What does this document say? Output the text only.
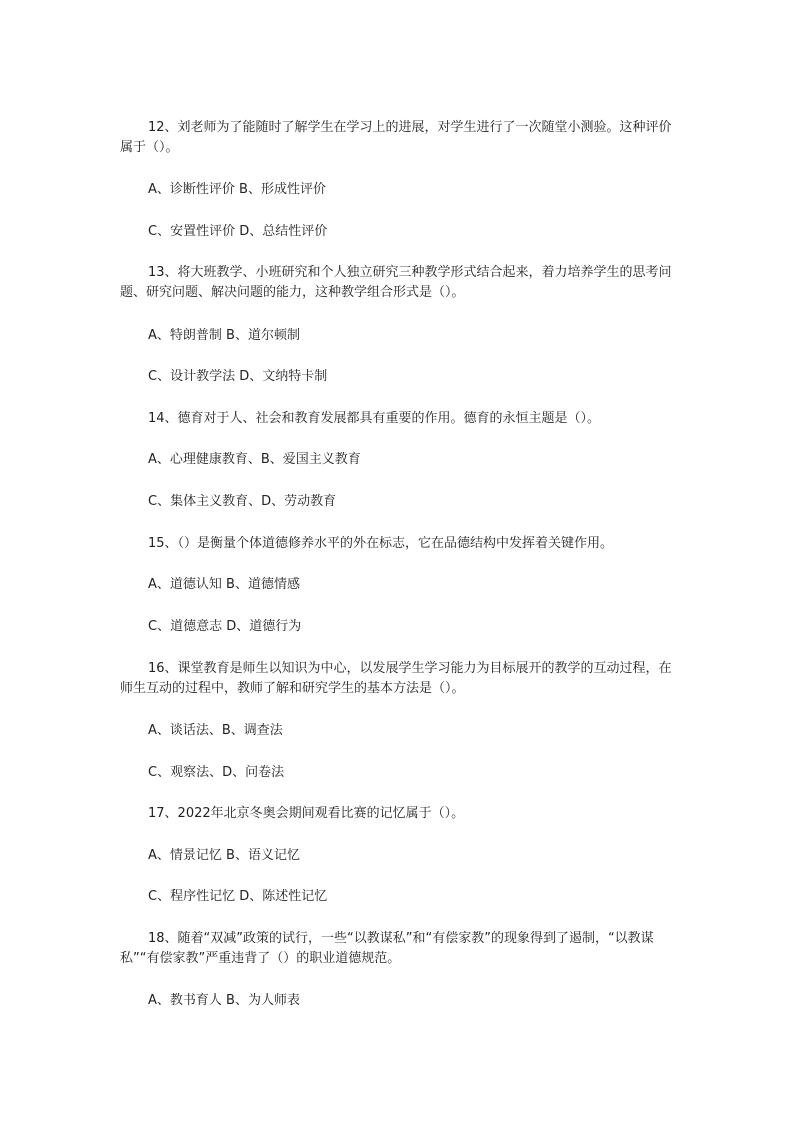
12、刘老师为了能随时了解学生在学习上的进展，对学生进行了一次随堂小测验。这种评价属于（）。
A、诊断性评价 B、形成性评价
C、安置性评价 D、总结性评价
13、将大班教学、小班研究和个人独立研究三种教学形式结合起来，着力培养学生的思考问题、研究问题、解决问题的能力，这种教学组合形式是（）。
A、特朗普制 B、道尔顿制
C、设计教学法 D、文纳特卡制
14、德育对于人、社会和教育发展都具有重要的作用。德育的永恒主题是（）。
A、心理健康教育、B、爱国主义教育
C、集体主义教育、D、劳动教育
15、（）是衡量个体道德修养水平的外在标志，它在品德结构中发挥着关键作用。
A、道德认知 B、道德情感
C、道德意志 D、道德行为
16、课堂教育是师生以知识为中心，以发展学生学习能力为目标展开的教学的互动过程，在师生互动的过程中，教师了解和研究学生的基本方法是（）。
A、谈话法、B、调查法
C、观察法、D、问卷法
17、2022年北京冬奥会期间观看比赛的记忆属于（）。
A、情景记忆 B、语义记忆
C、程序性记忆 D、陈述性记忆
18、随着“双减”政策的试行，一些“以教谋私”和“有偿家教”的现象得到了遏制，“以教谋私”“有偿家教”严重违背了（）的职业道德规范。
A、教书育人 B、为人师表
